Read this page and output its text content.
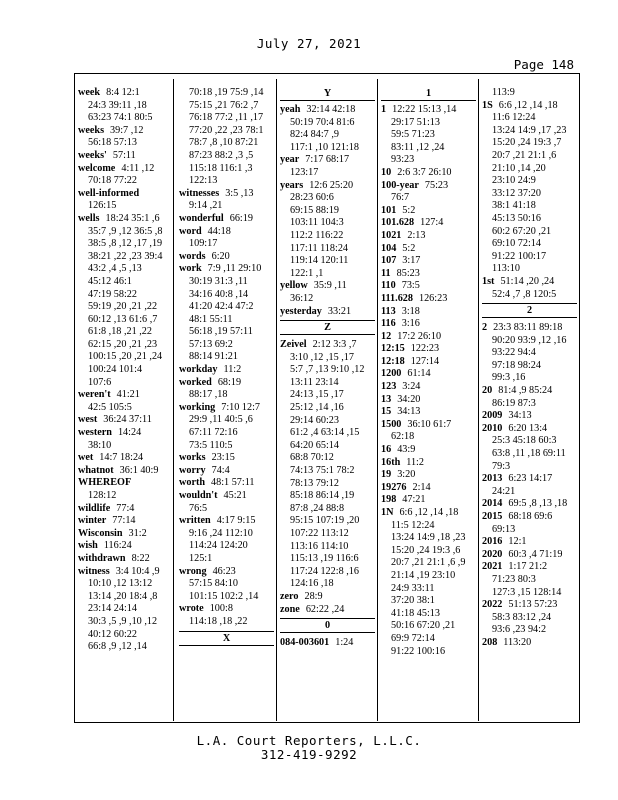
July 27, 2021
Page 148
week 8:4 12:1
24:3 39:11 ,18
63:23 74:1 80:5
weeks 39:7 ,12
56:18 57:13
weeks' 57:11
welcome 4:11 ,12
70:18 77:22
well-informed
126:15
wells 18:24 35:1 ,6
35:7 ,9 ,12 36:5 ,8
38:5 ,8 ,12 ,17 ,19
38:21 ,22 ,23 39:4
43:2 ,4 ,5 ,13
45:12 46:1
47:19 58:22
59:19 ,20 ,21 ,22
60:12 ,13 61:6 ,7
61:8 ,18 ,21 ,22
62:15 ,20 ,21 ,23
100:15 ,20 ,21 ,24
100:24 101:4
107:6
weren't 41:21
42:5 105:5
west 36:24 37:11
western 14:24
38:10
wet 14:7 18:24
whatnot 36:1 40:9
WHEREOF
128:12
wildlife 77:4
winter 77:14
Wisconsin 31:2
wish 116:24
withdrawn 8:22
witness 3:4 10:4 ,9
10:10 ,12 13:12
13:14 ,20 18:4 ,8
23:14 24:14
30:3 ,5 ,9 ,10 ,12
40:12 60:22
66:8 ,9 ,12 ,14
70:18 ,19 75:9 ,14
75:15 ,21 76:2 ,7
76:18 77:2 ,11 ,17
77:20 ,22 ,23 78:1
78:7 ,8 ,10 87:21
87:23 88:2 ,3 ,5
115:18 116:1 ,3
122:13
witnesses 3:5 ,13
9:14 ,21
wonderful 66:19
word 44:18
109:17
words 6:20
work 7:9 ,11 29:10
30:19 31:3 ,11
34:16 40:8 ,14
41:20 42:4 47:2
48:1 55:11
56:18 ,19 57:11
57:13 69:2
88:14 91:21
workday 11:2
worked 68:19
88:17 ,18
working 7:10 12:7
29:9 ,11 40:5 ,6
67:11 72:16
73:5 110:5
works 23:15
worry 74:4
worth 48:1 57:11
wouldn't 45:21
76:5
written 4:17 9:15
9:16 ,24 112:10
114:24 124:20
125:1
wrong 46:23
57:15 84:10
101:15 102:2 ,14
wrote 100:8
114:18 ,18 ,22
X
Y
yeah 32:14 42:18
50:19 70:4 81:6
82:4 84:7 ,9
117:1 ,10 121:18
year 7:17 68:17
123:17
years 12:6 25:20
28:23 60:6
69:15 88:19
103:11 104:3
112:2 116:22
117:11 118:24
119:14 120:11
122:1 ,1
yellow 35:9 ,11
36:12
yesterday 33:21
Z
Zeivel 2:12 3:3 ,7
3:10 ,12 ,15 ,17
5:7 ,7 ,13 9:10 ,12
13:11 23:14
24:13 ,15 ,17
25:12 ,14 ,16
29:14 60:23
61:2 ,4 63:14 ,15
64:20 65:14
68:8 70:12
74:13 75:1 78:2
78:13 79:12
85:18 86:14 ,19
87:8 ,24 88:8
95:15 107:19 ,20
107:22 113:12
113:16 114:10
115:13 ,19 116:6
117:24 122:8 ,16
124:16 ,18
zero 28:9
zone 62:22 ,24
0
084-003601 1:24
1
1 12:22 15:13 ,14
29:17 51:13
59:5 71:23
83:11 ,12 ,24
93:23
10 2:6 3:7 26:10
100-year 75:23
76:7
101 5:2
101.628 127:4
1021 2:13
104 5:2
107 3:17
11 85:23
110 73:5
111.628 126:23
113 3:18
116 3:16
12 17:2 26:10
12:15 122:23
12:18 127:14
1200 61:14
123 3:24
13 34:20
15 34:13
1500 36:10 61:7
62:18
16 43:9
16th 11:2
19 3:20
19276 2:14
198 47:21
1N 6:6 ,12 ,14 ,18
11:5 12:24
13:24 14:9 ,18 ,23
15:20 ,24 19:3 ,6
20:7 ,21 21:1 ,6 ,9
21:14 ,19 23:10
24:9 33:11
37:20 38:1
41:18 45:13
50:16 67:20 ,21
69:9 72:14
91:22 100:16
113:9
1S 6:6 ,12 ,14 ,18
11:6 12:24
13:24 14:9 ,17 ,23
15:20 ,24 19:3 ,7
20:7 ,21 21:1 ,6
21:10 ,14 ,20
23:10 24:9
33:12 37:20
38:1 41:18
45:13 50:16
60:2 67:20 ,21
69:10 72:14
91:22 100:17
113:10
1st 51:14 ,20 ,24
52:4 ,7 ,8 120:5
2
2 23:3 83:11 89:18
90:20 93:9 ,12 ,16
93:22 94:4
97:18 98:24
99:3 ,16
20 81:4 ,9 85:24
86:19 87:3
2009 34:13
2010 6:20 13:4
25:3 45:18 60:3
63:8 ,11 ,18 69:11
79:3
2013 6:23 14:17
24:21
2014 69:5 ,8 ,13 ,18
2015 68:18 69:6
69:13
2016 12:1
2020 60:3 ,4 71:19
2021 1:17 21:2
71:23 80:3
127:3 ,15 128:14
2022 51:13 57:23
58:3 83:12 ,24
93:6 ,23 94:2
208 113:20
L.A. Court Reporters, L.L.C.
312-419-9292
